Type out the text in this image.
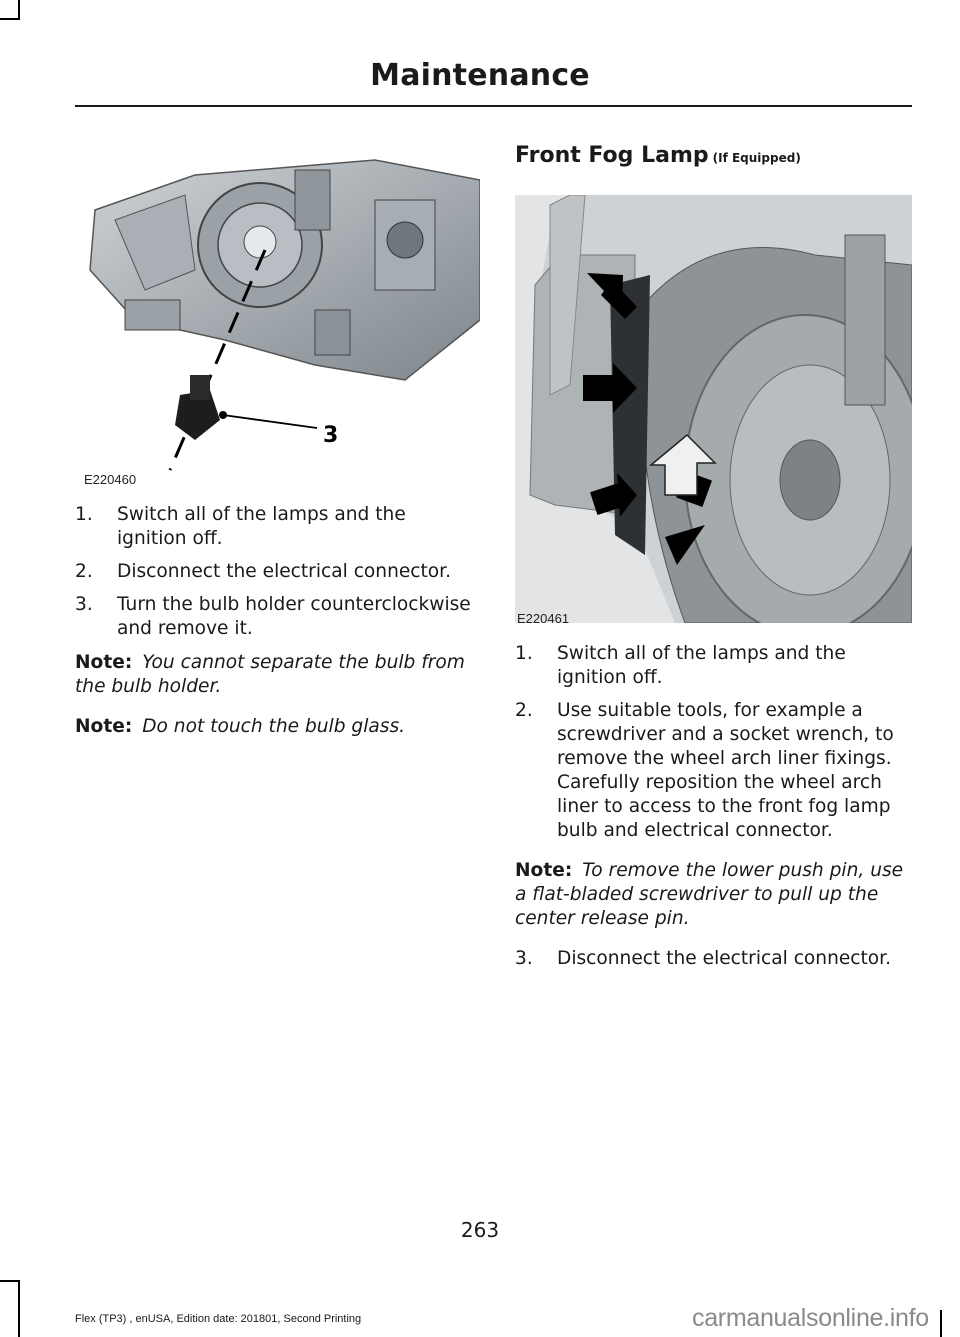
Maintenance
3
E220460
1. Switch all of the lamps and the ignition off.
2. Disconnect the electrical connector.
3. Turn the bulb holder counterclockwise and remove it.

Note: You cannot separate the bulb from the bulb holder.

Note: Do not touch the bulb glass.

Front Fog Lamp (If Equipped)
E220461
1. Switch all of the lamps and the ignition off.
2. Use suitable tools, for example a screwdriver and a socket wrench, to remove the wheel arch liner fixings. Carefully reposition the wheel arch liner to access to the front fog lamp bulb and electrical connector.

Note: To remove the lower push pin, use a flat-bladed screwdriver to pull up the center release pin.

3. Disconnect the electrical connector.
263
Flex (TP3) , enUSA, Edition date: 201801, Second Printing	carmanualsonline.info
